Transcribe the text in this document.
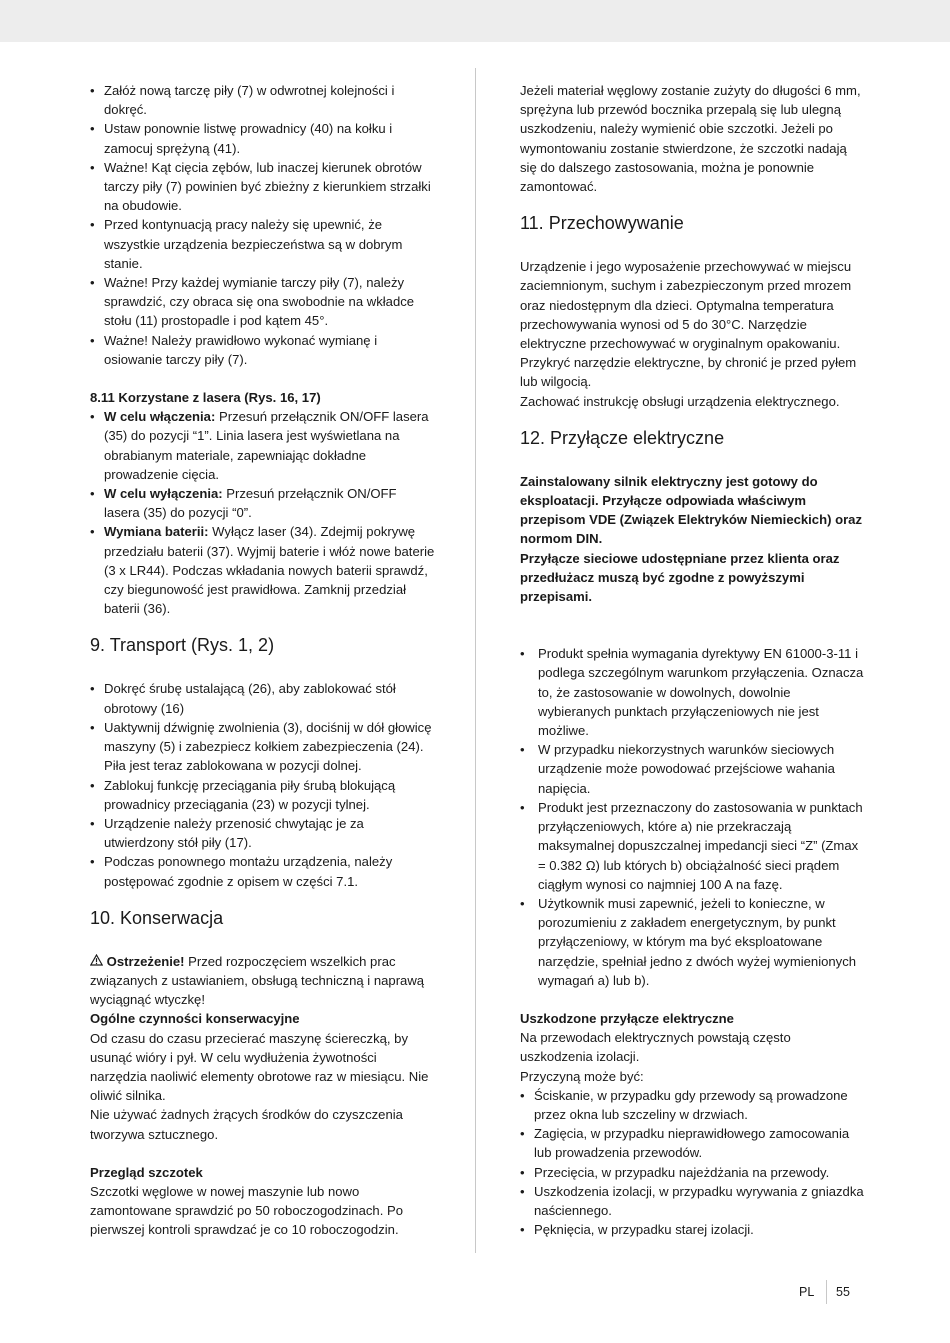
• Załóż nową tarczę piły (7) w odwrotnej kolejności i dokręć.
• Ustaw ponownie listwę prowadnicy (40) na kołku i zamocuj sprężyną (41).
• Ważne! Kąt cięcia zębów, lub inaczej kierunek obrotów tarczy piły (7) powinien być zbieżny z kierunkiem strzałki na obudowie.
• Przed kontynuacją pracy należy się upewnić, że wszystkie urządzenia bezpieczeństwa są w dobrym stanie.
• Ważne! Przy każdej wymianie tarczy piły (7), należy sprawdzić, czy obraca się ona swobodnie na wkładce stołu (11) prostopadle i pod kątem 45°.
• Ważne! Należy prawidłowo wykonać wymianę i osiowanie tarczy piły (7).

8.11 Korzystane z lasera (Rys. 16, 17)

• W celu włączenia: Przesuń przełącznik ON/OFF lasera (35) do pozycji “1”. Linia lasera jest wyświetlana na obrabianym materiale, zapewniając dokładne prowadzenie cięcia.
• W celu wyłączenia: Przesuń przełącznik ON/OFF lasera (35) do pozycji “0”.
• Wymiana baterii: Wyłącz laser (34). Zdejmij pokrywę przedziału baterii (37). Wyjmij baterie i włóż nowe baterie (3 x LR44). Podczas wkładania nowych baterii sprawdź, czy biegunowość jest prawidłowa. Zamknij przedział baterii (36).
9. Transport (Rys. 1, 2)
• Dokręć śrubę ustalającą (26), aby zablokować stół obrotowy (16)
• Uaktywnij dźwignię zwolnienia (3), dociśnij w dół głowicę maszyny (5) i zabezpiecz kołkiem zabezpieczenia (24). Piła jest teraz zablokowana w pozycji dolnej.
• Zablokuj funkcję przeciągania piły śrubą blokującą prowadnicy przeciągania (23) w pozycji tylnej.
• Urządzenie należy przenosić chwytając je za utwierdzony stół piły (17).
• Podczas ponownego montażu urządzenia, należy postępować zgodnie z opisem w części 7.1.
10. Konserwacja

Ostrzeżenie! Przed rozpoczęciem wszelkich prac związanych z ustawianiem, obsługą techniczną i naprawą wyciągnąć wtyczkę!

Ogólne czynności konserwacyjne

Od czasu do czasu przecierać maszynę ściereczką, by usunąć wióry i pył. W celu wydłużenia żywotności narzędzia naoliwić elementy obrotowe raz w miesiącu. Nie oliwić silnika.

Nie używać żadnych żrących środków do czyszczenia tworzywa sztucznego.

Przegląd szczotek

Szczotki węglowe w nowej maszynie lub nowo zamontowane sprawdzić po 50 roboczogodzinach. Po pierwszej kontroli sprawdzać je co 10 roboczogodzin.

Jeżeli materiał węglowy zostanie zużyty do długości 6 mm, sprężyna lub przewód bocznika przepalą się lub ulegną uszkodzeniu, należy wymienić obie szczotki. Jeżeli po wymontowaniu zostanie stwierdzone, że szczotki nadają się do dalszego zastosowania, można je ponownie zamontować.

11. Przechowywanie

Urządzenie i jego wyposażenie przechowywać w miejscu zaciemnionym, suchym i zabezpieczonym przed mrozem oraz niedostępnym dla dzieci. Optymalna temperatura przechowywania wynosi od 5 do 30°C. Narzędzie elektryczne przechowywać w oryginalnym opakowaniu.

Przykryć narzędzie elektryczne, by chronić je przed pyłem lub wilgocią.

Zachować instrukcję obsługi urządzenia elektrycznego.

12. Przyłącze elektryczne

Zainstalowany silnik elektryczny jest gotowy do eksploatacji. Przyłącze odpowiada właściwym przepisom VDE (Związek Elektryków Niemieckich) oraz normom DIN.

Przyłącze sieciowe udostępniane przez klienta oraz przedłużacz muszą być zgodne z powyższymi przepisami.

• Produkt spełnia wymagania dyrektywy EN 61000-3-11 i podlega szczególnym warunkom przyłączenia. Oznacza to, że zastosowanie w dowolnych, dowolnie wybieranych punktach przyłączeniowych nie jest możliwe.
• W przypadku niekorzystnych warunków sieciowych urządzenie może powodować przejściowe wahania napięcia.
• Produkt jest przeznaczony do zastosowania w punktach przyłączeniowych, które a) nie przekraczają maksymalnej dopuszczalnej impedancji sieci “Z” (Zmax = 0.382 Ω) lub których b) obciążalność sieci prądem ciągłym wynosi co najmniej 100 A na fazę.
• Użytkownik musi zapewnić, jeżeli to konieczne, w porozumieniu z zakładem energetycznym, by punkt przyłączeniowy, w którym ma być eksploatowane narzędzie, spełniał jedno z dwóch wyżej wymienionych wymagań a) lub b).

Uszkodzone przyłącze elektryczne

Na przewodach elektrycznych powstają często uszkodzenia izolacji.

Przyczyną może być:

• Ściskanie, w przypadku gdy przewody są prowadzone przez okna lub szczeliny w drzwiach.
• Zagięcia, w przypadku nieprawidłowego zamocowania lub prowadzenia przewodów.
• Przecięcia, w przypadku najeżdżania na przewody.
• Uszkodzenia izolacji, w przypadku wyrywania z gniazdka naściennego.
• Pęknięcia, w przypadku starej izolacji.
PL 55
